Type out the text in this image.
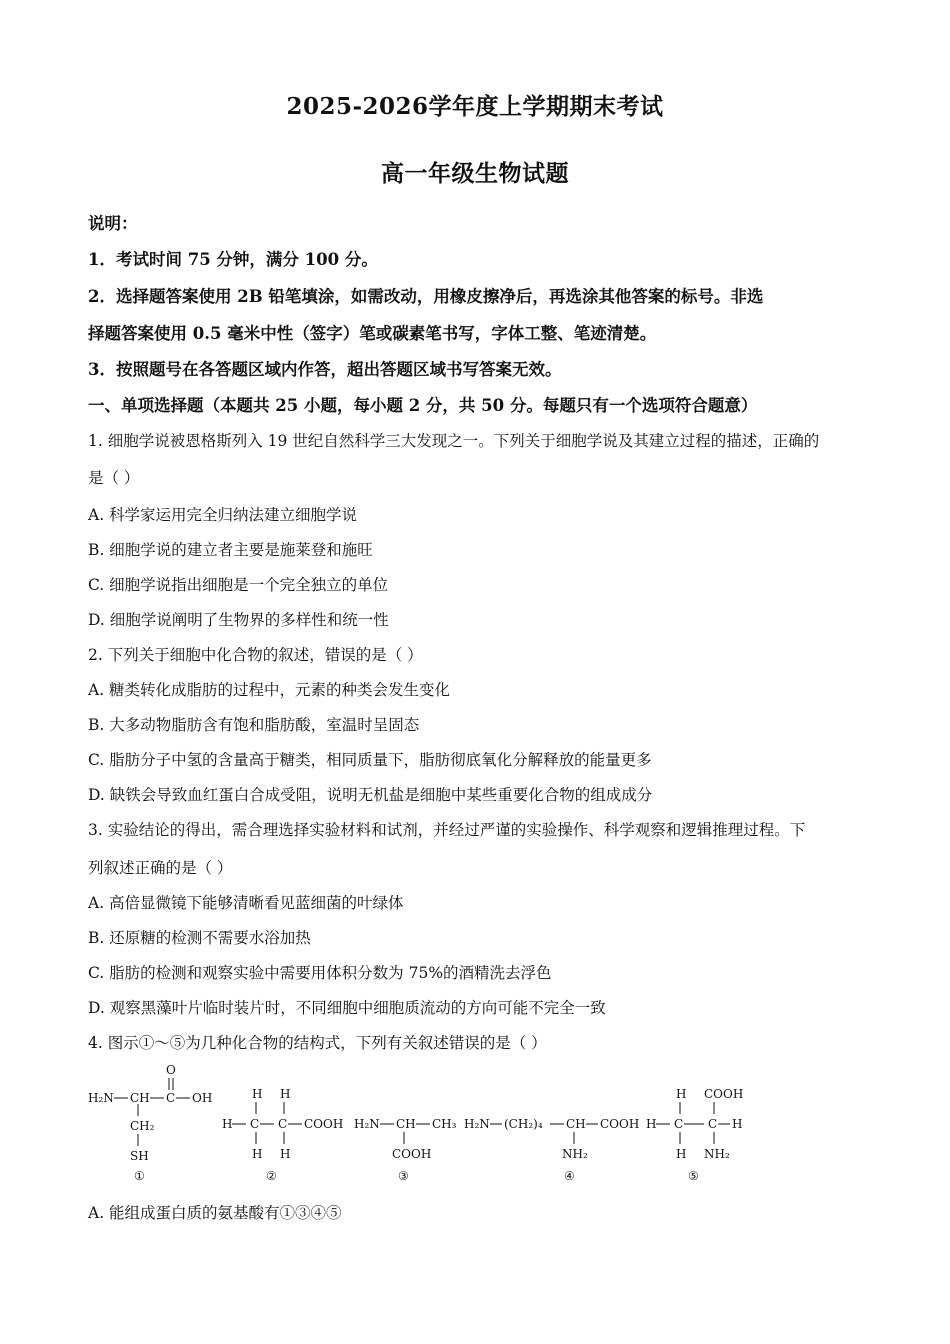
2025-2026学年度上学期期末考试
高一年级生物试题
说明：
1．考试时间 75 分钟，满分 100 分。
2．选择题答案使用 2B 铅笔填涂，如需改动，用橡皮擦净后，再选涂其他答案的标号。非选
择题答案使用 0.5 毫米中性（签字）笔或碳素笔书写，字体工整、笔迹清楚。
3．按照题号在各答题区域内作答，超出答题区域书写答案无效。
一、单项选择题（本题共 25 小题，每小题 2 分，共 50 分。每题只有一个选项符合题意）
1. 细胞学说被恩格斯列入 19 世纪自然科学三大发现之一。下列关于细胞学说及其建立过程的描述，正确的
是（ ）
A. 科学家运用完全归纳法建立细胞学说
B. 细胞学说的建立者主要是施莱登和施旺
C. 细胞学说指出细胞是一个完全独立的单位
D. 细胞学说阐明了生物界的多样性和统一性
2. 下列关于细胞中化合物的叙述，错误的是（ ）
A. 糖类转化成脂肪的过程中，元素的种类会发生变化
B. 大多动物脂肪含有饱和脂肪酸，室温时呈固态
C. 脂肪分子中氢的含量高于糖类，相同质量下，脂肪彻底氧化分解释放的能量更多
D. 缺铁会导致血红蛋白合成受阻，说明无机盐是细胞中某些重要化合物的组成成分
3. 实验结论的得出，需合理选择实验材料和试剂，并经过严谨的实验操作、科学观察和逻辑推理过程。下
列叙述正确的是（ ）
A. 高倍显微镜下能够清晰看见蓝细菌的叶绿体
B. 还原糖的检测不需要水浴加热
C. 脂肪的检测和观察实验中需要用体积分数为 75%的酒精洗去浮色
D. 观察黑藻叶片临时装片时，不同细胞中细胞质流动的方向可能不完全一致
4. 图示①～⑤为几种化合物的结构式，下列有关叙述错误的是（ ）
H₂N CH C OH
O
CH₂
SH
①
H H
H C C COOH
H H
②
H₂N CH CH₃
COOH
③
H₂N (CH₂)₄ CH COOH
NH₂
④
H COOH
H C C H
H NH₂
⑤
A. 能组成蛋白质的氨基酸有①③④⑤
